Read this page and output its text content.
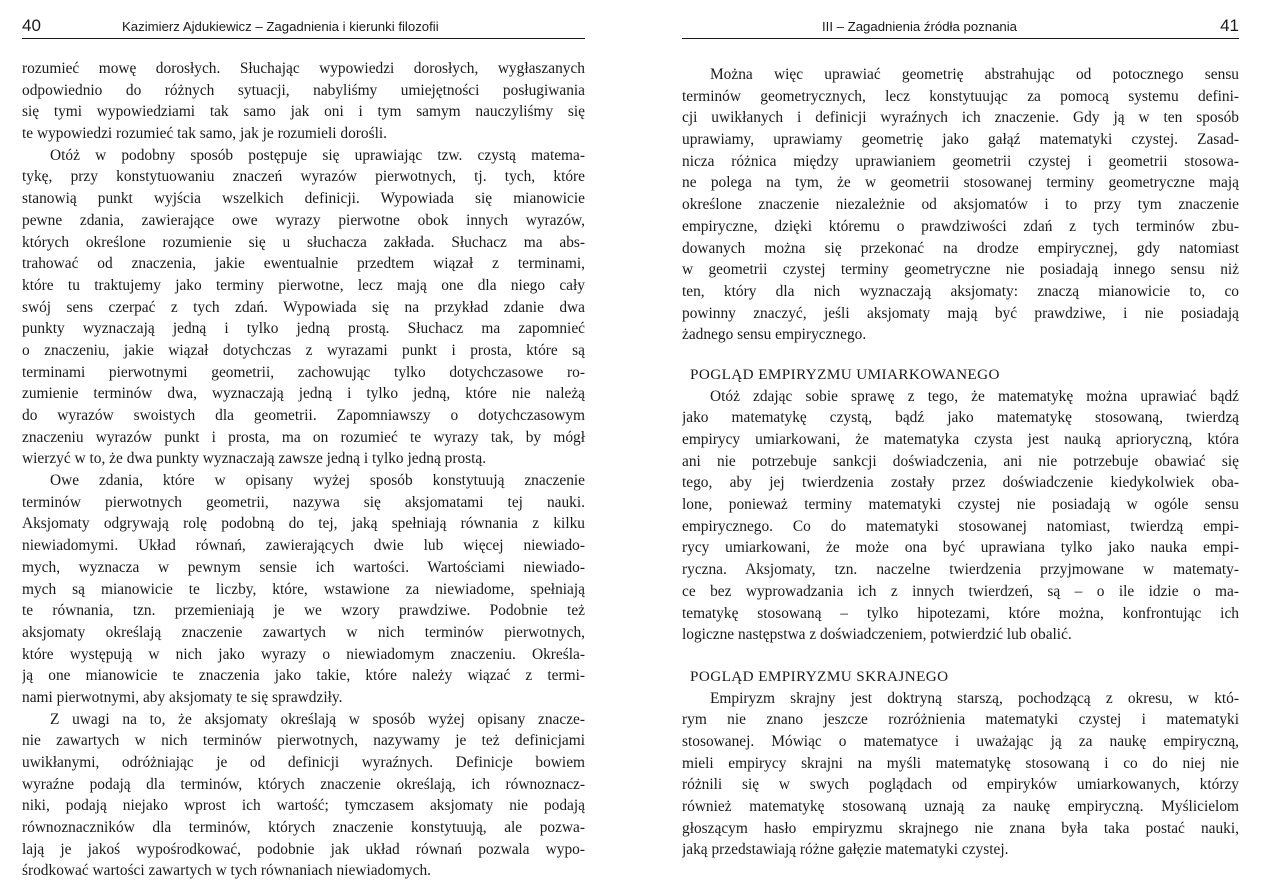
40	Kazimierz Ajdukiewicz – Zagadnienia i kierunki filozofii
rozumieć mowę dorosłych. Słuchając wypowiedzi dorosłych, wygłaszanych
odpowiednio do różnych sytuacji, nabyliśmy umiejętności posługiwania
się tymi wypowiedziami tak samo jak oni i tym samym nauczyliśmy się
te wypowiedzi rozumieć tak samo, jak je rozumieli dorośli.
Otóż w podobny sposób postępuje się uprawiając tzw. czystą matema-
tykę, przy konstytuowaniu znaczeń wyrazów pierwotnych, tj. tych, które
stanowią punkt wyjścia wszelkich definicji. Wypowiada się mianowicie
pewne zdania, zawierające owe wyrazy pierwotne obok innych wyrazów,
których określone rozumienie się u słuchacza zakłada. Słuchacz ma abs-
trahować od znaczenia, jakie ewentualnie przedtem wiązał z terminami,
które tu traktujemy jako terminy pierwotne, lecz mają one dla niego cały
swój sens czerpać z tych zdań. Wypowiada się na przykład zdanie dwa
punkty wyznaczają jedną i tylko jedną prostą. Słuchacz ma zapomnieć
o znaczeniu, jakie wiązał dotychczas z wyrazami punkt i prosta, które są
terminami pierwotnymi geometrii, zachowując tylko dotychczasowe ro-
zumienie terminów dwa, wyznaczają jedną i tylko jedną, które nie należą
do wyrazów swoistych dla geometrii. Zapomniawszy o dotychczasowym
znaczeniu wyrazów punkt i prosta, ma on rozumieć te wyrazy tak, by mógł
wierzyć w to, że dwa punkty wyznaczają zawsze jedną i tylko jedną prostą.
Owe zdania, które w opisany wyżej sposób konstytuują znaczenie
terminów pierwotnych geometrii, nazywa się aksjomatami tej nauki.
Aksjomaty odgrywają rolę podobną do tej, jaką spełniają równania z kilku
niewiadomymi. Układ równań, zawierających dwie lub więcej niewiado-
mych, wyznacza w pewnym sensie ich wartości. Wartościami niewiado-
mych są mianowicie te liczby, które, wstawione za niewiadome, spełniają
te równania, tzn. przemieniają je we wzory prawdziwe. Podobnie też
aksjomaty określają znaczenie zawartych w nich terminów pierwotnych,
które występują w nich jako wyrazy o niewiadomym znaczeniu. Określa-
ją one mianowicie te znaczenia jako takie, które należy wiązać z termi-
nami pierwotnymi, aby aksjomaty te się sprawdziły.
Z uwagi na to, że aksjomaty określają w sposób wyżej opisany znacze-
nie zawartych w nich terminów pierwotnych, nazywamy je też definicjami
uwikłanymi, odróżniając je od definicji wyraźnych. Definicje bowiem
wyraźne podają dla terminów, których znaczenie określają, ich równoznacz-
niki, podają niejako wprost ich wartość; tymczasem aksjomaty nie podają
równoznaczników dla terminów, których znaczenie konstytuują, ale pozwa-
lają je jakoś wypośrodkować, podobnie jak układ równań pozwala wypo-
środkować wartości zawartych w tych równaniach niewiadomych.
III – Zagadnienia źródła poznania	41
Można więc uprawiać geometrię abstrahując od potocznego sensu
terminów geometrycznych, lecz konstytuując za pomocą systemu defini-
cji uwikłanych i definicji wyraźnych ich znaczenie. Gdy ją w ten sposób
uprawiamy, uprawiamy geometrię jako gałąź matematyki czystej. Zasad-
nicza różnica między uprawianiem geometrii czystej i geometrii stosowa-
ne polega na tym, że w geometrii stosowanej terminy geometryczne mają
określone znaczenie niezależnie od aksjomatów i to przy tym znaczenie
empiryczne, dzięki któremu o prawdziwości zdań z tych terminów zbu-
dowanych można się przekonać na drodze empirycznej, gdy natomiast
w geometrii czystej terminy geometryczne nie posiadają innego sensu niż
ten, który dla nich wyznaczają aksjomaty: znaczą mianowicie to, co
powinny znaczyć, jeśli aksjomaty mają być prawdziwe, i nie posiadają
żadnego sensu empirycznego.
POGLĄD EMPIRYZMU UMIARKOWANEGO
Otóż zdając sobie sprawę z tego, że matematykę można uprawiać bądź
jako matematykę czystą, bądź jako matematykę stosowaną, twierdzą
empirycy umiarkowani, że matematyka czysta jest nauką aprioryczną, która
ani nie potrzebuje sankcji doświadczenia, ani nie potrzebuje obawiać się
tego, aby jej twierdzenia zostały przez doświadczenie kiedykolwiek oba-
lone, ponieważ terminy matematyki czystej nie posiadają w ogóle sensu
empirycznego. Co do matematyki stosowanej natomiast, twierdzą empi-
rycy umiarkowani, że może ona być uprawiana tylko jako nauka empi-
ryczna. Aksjomaty, tzn. naczelne twierdzenia przyjmowane w matematy-
ce bez wyprowadzania ich z innych twierdzeń, są – o ile idzie o ma-
tematykę stosowaną – tylko hipotezami, które można, konfrontując ich
logiczne następstwa z doświadczeniem, potwierdzić lub obalić.
POGLĄD EMPIRYZMU SKRAJNEGO
Empiryzm skrajny jest doktryną starszą, pochodzącą z okresu, w któ-
rym nie znano jeszcze rozróżnienia matematyki czystej i matematyki
stosowanej. Mówiąc o matematyce i uważając ją za naukę empiryczną,
mieli empirycy skrajni na myśli matematykę stosowaną i co do niej nie
różnili się w swych poglądach od empiryków umiarkowanych, którzy
również matematykę stosowaną uznają za naukę empiryczną. Myślicielom
głoszącym hasło empiryzmu skrajnego nie znana była taka postać nauki,
jaką przedstawiają różne gałęzie matematyki czystej.
